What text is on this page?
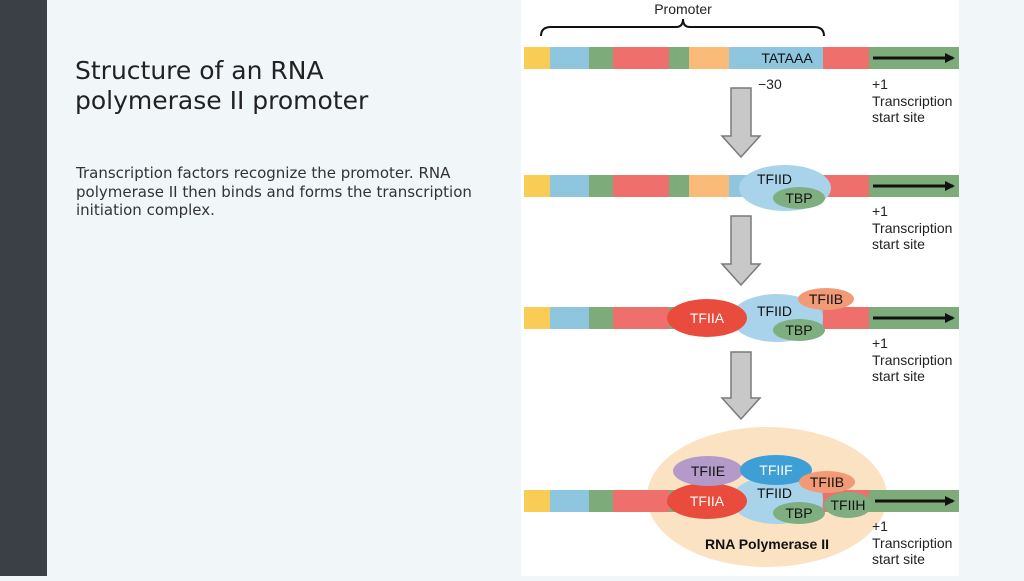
Structure of an RNA polymerase II promoter

Transcription factors recognize the promoter. RNA polymerase II then binds and forms the transcription initiation complex.

Promoter
TATAAA
−30	+1
Transcription
start site
TFIID
TBP
+1
Transcription
start site
TFIID
TBP
TFIIA
TFIIB
+1
Transcription
start site
TFIID
TBP
TFIIA
TFIIE TFIIF
TFIIB
TFIIH
RNA Polymerase II
+1
Transcription
start site
